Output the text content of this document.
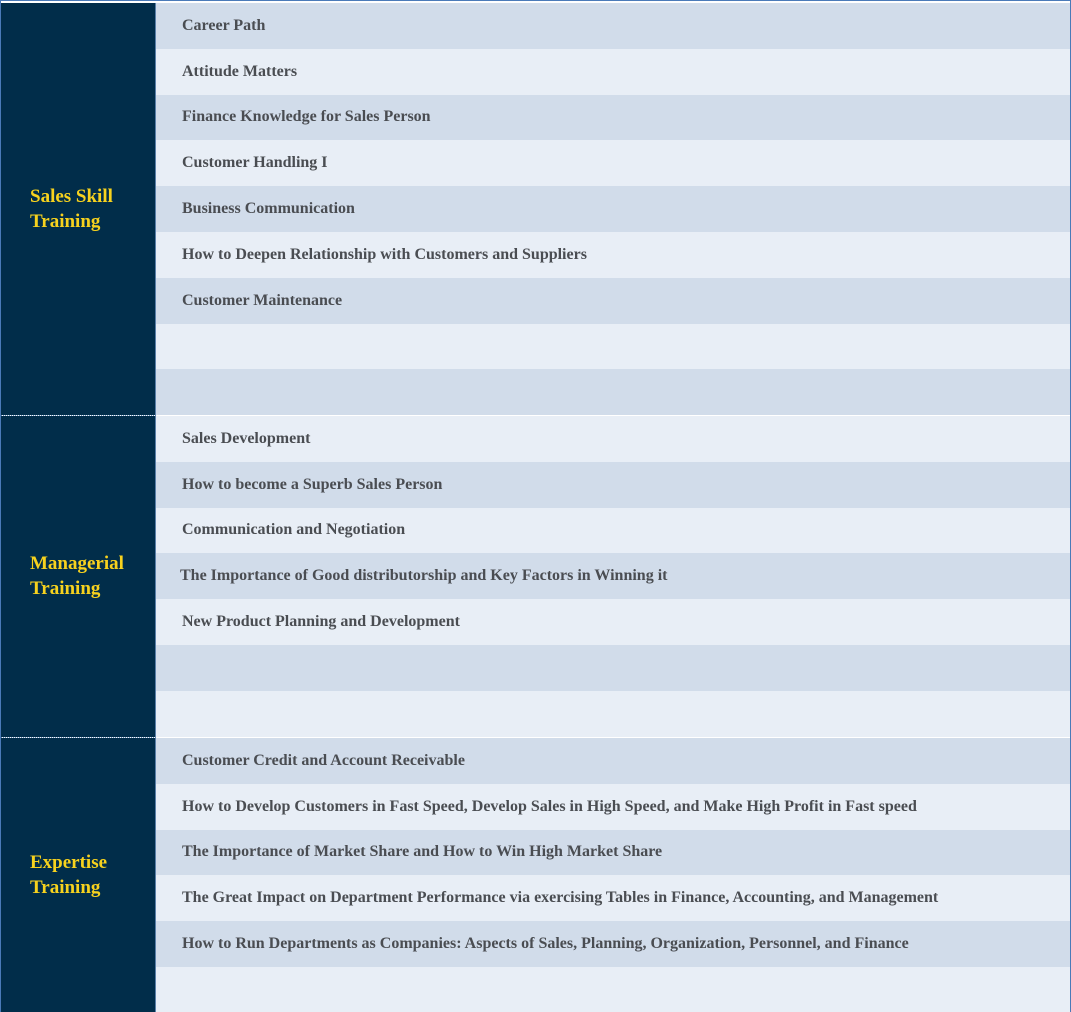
Sales Skill
Training
Career Path
Attitude Matters
Finance Knowledge for Sales Person
Customer Handling I
Business Communication
How to Deepen Relationship with Customers and Suppliers
Customer Maintenance
Managerial
Training
Sales Development
How to become a Superb Sales Person
Communication and Negotiation
The Importance of Good distributorship and Key Factors in Winning it
New Product Planning and Development
Expertise
Training
Customer Credit and Account Receivable
How to Develop Customers in Fast Speed, Develop Sales in High Speed, and Make High Profit in Fast speed
The Importance of Market Share and How to Win High Market Share
The Great Impact on Department Performance via exercising Tables in Finance, Accounting, and Management
How to Run Departments as Companies: Aspects of Sales, Planning, Organization, Personnel, and Finance
